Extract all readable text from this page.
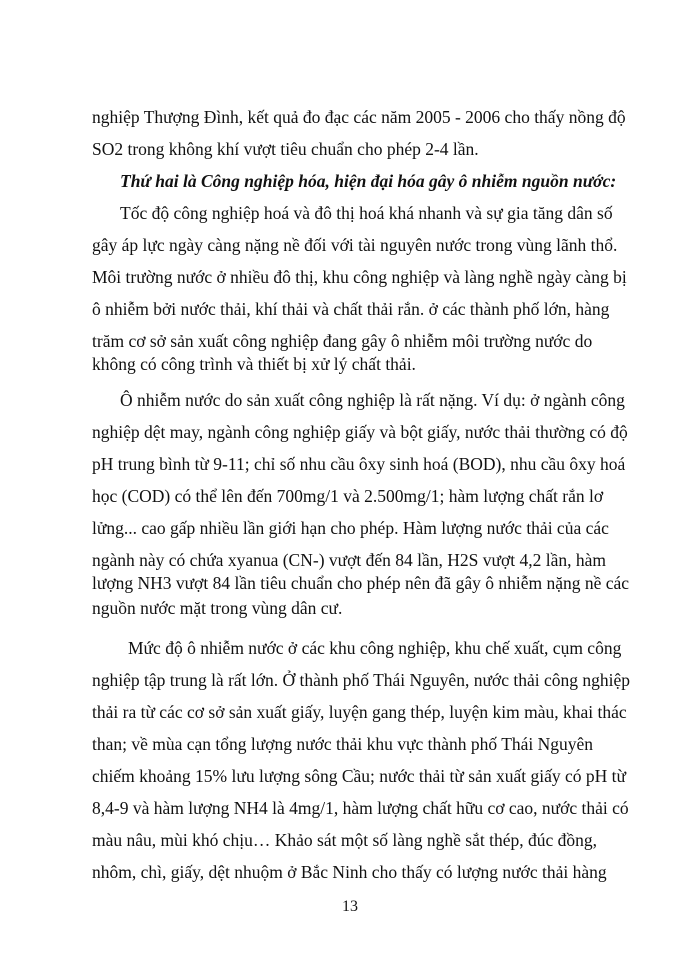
nghiệp Thượng Đình, kết quả đo đạc các năm 2005 - 2006 cho thấy nồng độ
SO2 trong không khí vượt tiêu chuẩn cho phép 2-4 lần.
Thứ hai là Công nghiệp hóa, hiện đại hóa gây ô nhiễm nguồn nước:
Tốc độ công nghiệp hoá và đô thị hoá khá nhanh và sự gia tăng dân số
gây áp lực ngày càng nặng nề đối với tài nguyên nước trong vùng lãnh thổ.
Môi trường nước ở nhiều đô thị, khu công nghiệp và làng nghề ngày càng bị
ô nhiễm bởi nước thải, khí thải và chất thải rắn. ở các thành phố lớn, hàng
trăm cơ sở sản xuất công nghiệp đang gây ô nhiễm môi trường nước do
không có công trình và thiết bị xử lý chất thải.
Ô nhiễm nước do sản xuất công nghiệp là rất nặng. Ví dụ: ở ngành công
nghiệp dệt may, ngành công nghiệp giấy và bột giấy, nước thải thường có độ
pH trung bình từ 9-11; chỉ số nhu cầu ôxy sinh hoá (BOD), nhu cầu ôxy hoá
học (COD) có thể lên đến 700mg/1 và 2.500mg/1; hàm lượng chất rắn lơ
lửng... cao gấp nhiều lần giới hạn cho phép. Hàm lượng nước thải của các
ngành này có chứa xyanua (CN-) vượt đến 84 lần, H2S vượt 4,2 lần, hàm
lượng NH3 vượt 84 lần tiêu chuẩn cho phép nên đã gây ô nhiễm nặng nề các
nguồn nước mặt trong vùng dân cư.
Mức độ ô nhiễm nước ở các khu công nghiệp, khu chế xuất, cụm công
nghiệp tập trung là rất lớn. Ở thành phố Thái Nguyên, nước thải công nghiệp
thải ra từ các cơ sở sản xuất giấy, luyện gang thép, luyện kim màu, khai thác
than; về mùa cạn tổng lượng nước thải khu vực thành phố Thái Nguyên
chiếm khoảng 15% lưu lượng sông Cầu; nước thải từ sản xuất giấy có pH từ
8,4-9 và hàm lượng NH4 là 4mg/1, hàm lượng chất hữu cơ cao, nước thải có
màu nâu, mùi khó chịu… Khảo sát một số làng nghề sắt thép, đúc đồng,
nhôm, chì, giấy, dệt nhuộm ở Bắc Ninh cho thấy có lượng nước thải hàng
13
